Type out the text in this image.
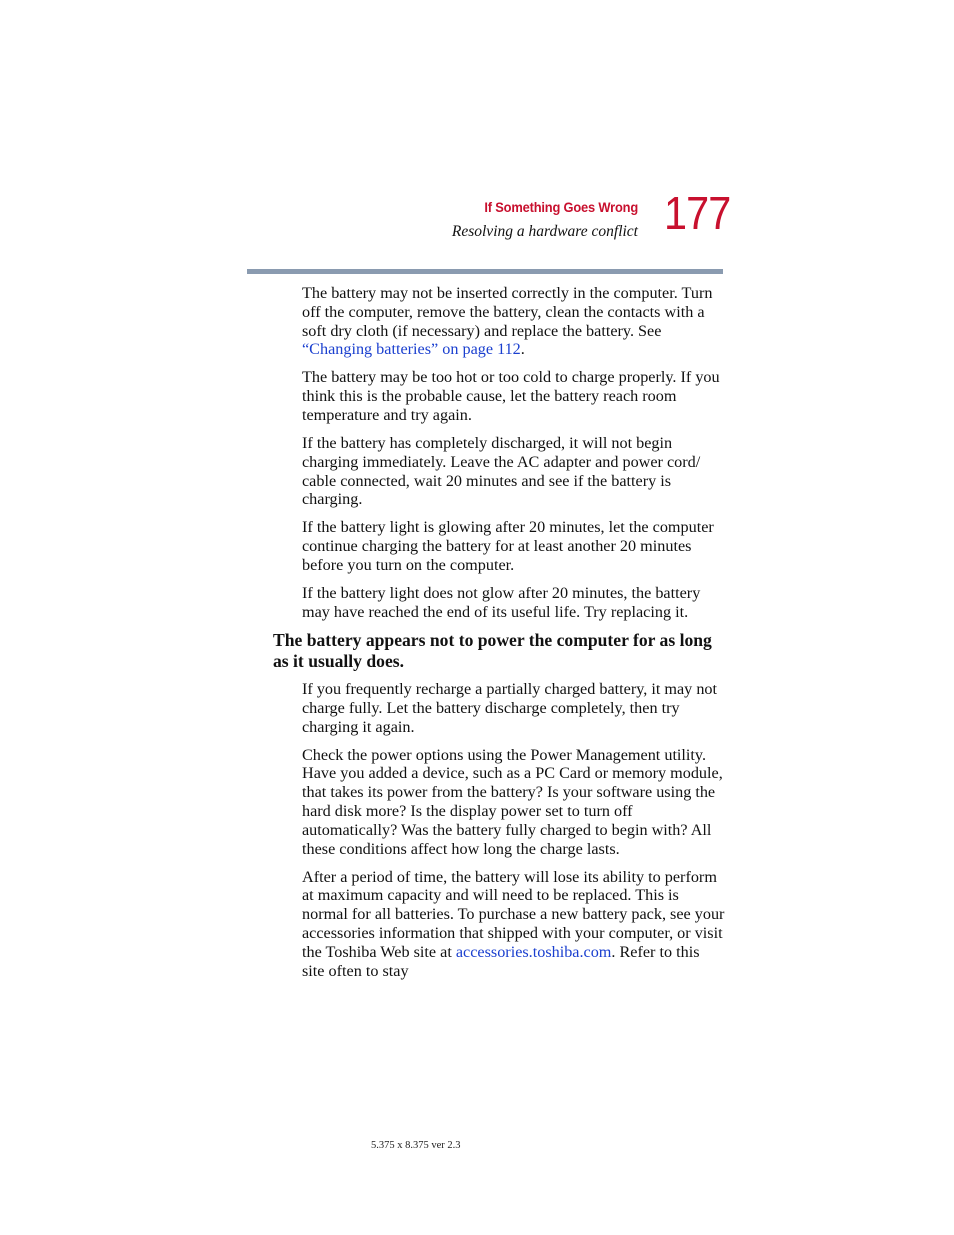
If Something Goes Wrong
Resolving a hardware conflict 177

The battery may not be inserted correctly in the computer. Turn off the computer, remove the battery, clean the contacts with a soft dry cloth (if necessary) and replace the battery. See “Changing batteries” on page 112.

The battery may be too hot or too cold to charge properly. If you think this is the probable cause, let the battery reach room temperature and try again.

If the battery has completely discharged, it will not begin charging immediately. Leave the AC adapter and power cord/ cable connected, wait 20 minutes and see if the battery is charging.

If the battery light is glowing after 20 minutes, let the computer continue charging the battery for at least another 20 minutes before you turn on the computer.

If the battery light does not glow after 20 minutes, the battery may have reached the end of its useful life. Try replacing it.

The battery appears not to power the computer for as long as it usually does.

If you frequently recharge a partially charged battery, it may not charge fully. Let the battery discharge completely, then try charging it again.

Check the power options using the Power Management utility. Have you added a device, such as a PC Card or memory module, that takes its power from the battery? Is your software using the hard disk more? Is the display power set to turn off automatically? Was the battery fully charged to begin with? All these conditions affect how long the charge lasts.

After a period of time, the battery will lose its ability to perform at maximum capacity and will need to be replaced. This is normal for all batteries. To purchase a new battery pack, see your accessories information that shipped with your computer, or visit the Toshiba Web site at accessories.toshiba.com. Refer to this site often to stay

5.375 x 8.375 ver 2.3
